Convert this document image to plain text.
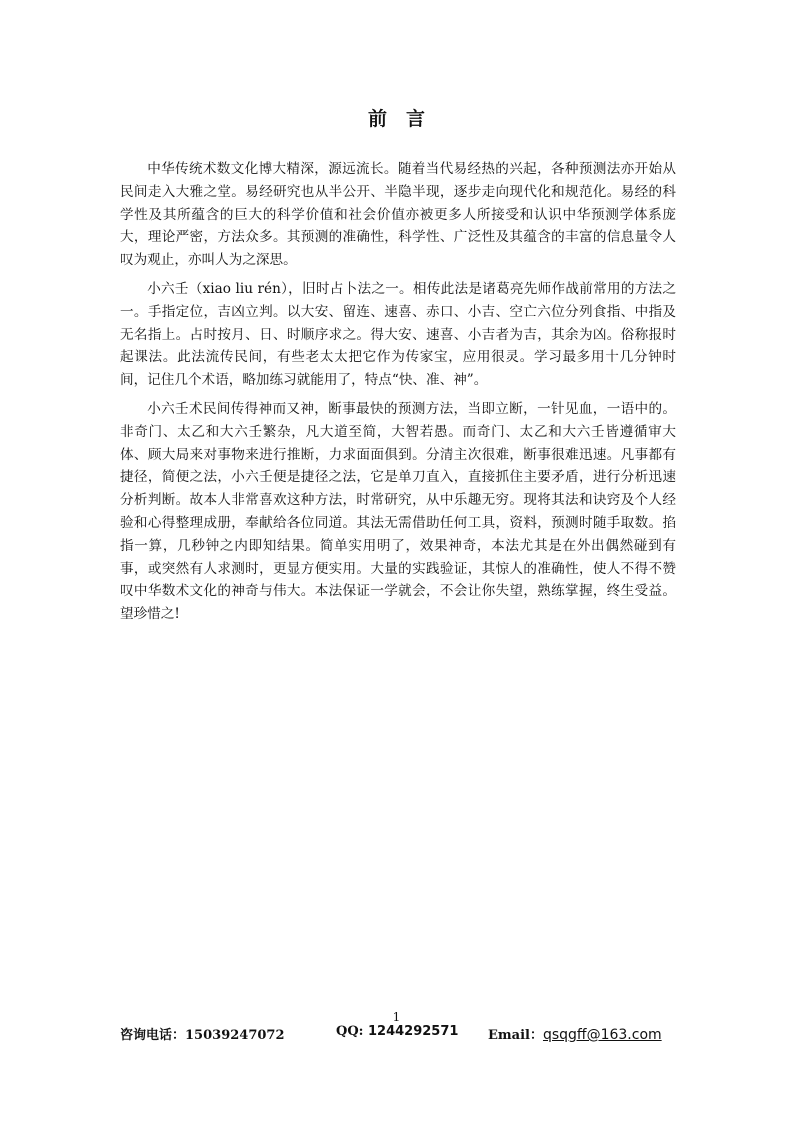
前　言

中华传统术数文化博大精深，源远流长。随着当代易经热的兴起，各种预测法亦开始从民间走入大雅之堂。易经研究也从半公开、半隐半现，逐步走向现代化和规范化。易经的科学性及其所蕴含的巨大的科学价值和社会价值亦被更多人所接受和认识中华预测学体系庞大，理论严密，方法众多。其预测的准确性，科学性、广泛性及其蕴含的丰富的信息量令人叹为观止，亦叫人为之深思。

小六壬（xiao liu rén），旧时占卜法之一。相传此法是诸葛亮先师作战前常用的方法之一。手指定位，吉凶立判。以大安、留连、速喜、赤口、小吉、空亡六位分列食指、中指及无名指上。占时按月、日、时顺序求之。得大安、速喜、小吉者为吉，其余为凶。俗称报时起课法。此法流传民间，有些老太太把它作为传家宝，应用很灵。学习最多用十几分钟时间，记住几个术语，略加练习就能用了，特点“快、准、神”。

小六壬术民间传得神而又神，断事最快的预测方法，当即立断，一针见血，一语中的。非奇门、太乙和大六壬繁杂，凡大道至简，大智若愚。而奇门、太乙和大六壬皆遵循审大体、顾大局来对事物来进行推断，力求面面俱到。分清主次很难，断事很难迅速。凡事都有捷径，简便之法，小六壬便是捷径之法，它是单刀直入，直接抓住主要矛盾，进行分析迅速分析判断。故本人非常喜欢这种方法，时常研究，从中乐趣无穷。现将其法和诀窍及个人经验和心得整理成册，奉献给各位同道。其法无需借助任何工具，资料，预测时随手取数。掐指一算，几秒钟之内即知结果。简单实用明了，效果神奇，本法尤其是在外出偶然碰到有事，或突然有人求测时，更显方便实用。大量的实践验证，其惊人的准确性，使人不得不赞叹中华数术文化的神奇与伟大。本法保证一学就会，不会让你失望，熟练掌握，终生受益。望珍惜之!

1
咨询电话：15039247072	QQ: 1244292571 Email：qsqgff@163.com
